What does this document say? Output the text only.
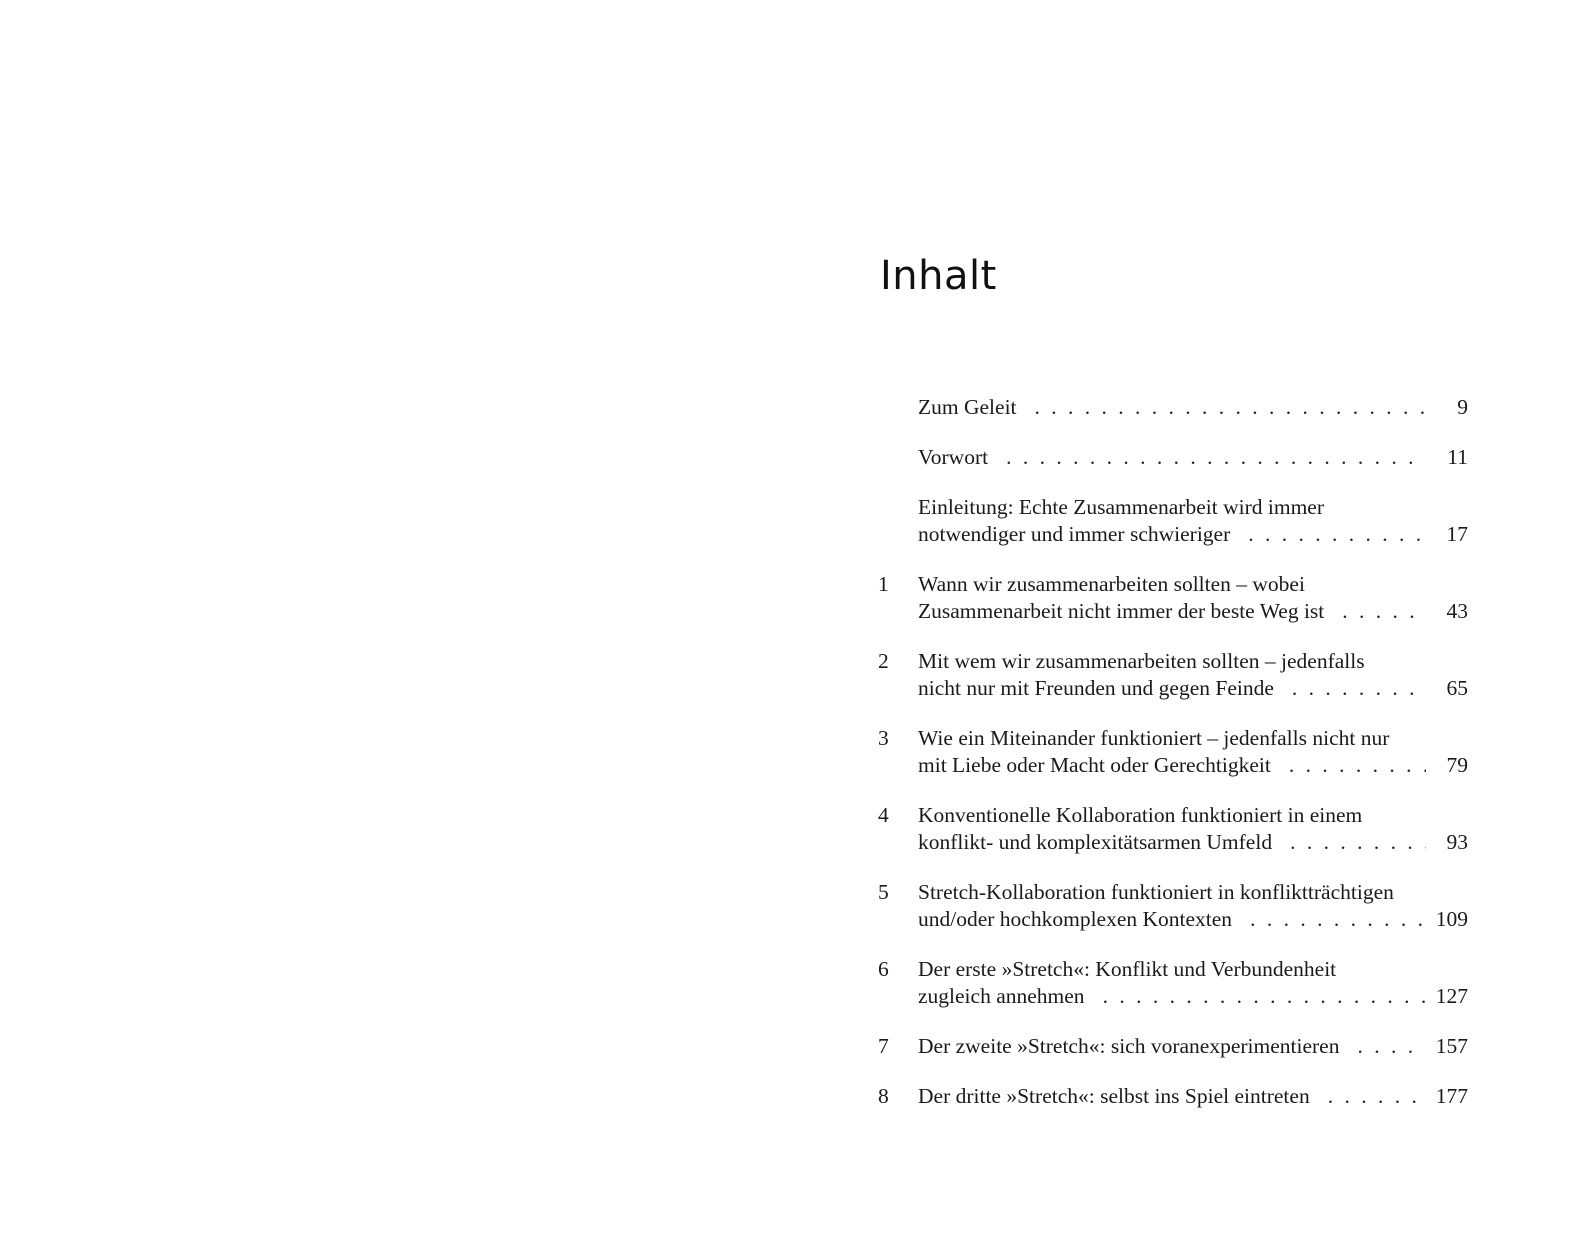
Inhalt
Zum Geleit . . .	9
Vorwort . . .	11
Einleitung: Echte Zusammenarbeit wird immer
notwendiger und immer schwieriger . . .	17
1	Wann wir zusammenarbeiten sollten – wobei
Zusammenarbeit nicht immer der beste Weg ist . . .	43
2	Mit wem wir zusammenarbeiten sollten – jedenfalls
nicht nur mit Freunden und gegen Feinde . . .	65
3	Wie ein Miteinander funktioniert – jedenfalls nicht nur
mit Liebe oder Macht oder Gerechtigkeit . . .	79
4	Konventionelle Kollaboration funktioniert in einem
konflikt- und komplexitätsarmen Umfeld . . .	93
5	Stretch-Kollaboration funktioniert in konfliktträchtigen
und/oder hochkomplexen Kontexten . . .	109
6	Der erste »Stretch«: Konflikt und Verbundenheit
zugleich annehmen . . .	127
7	Der zweite »Stretch«: sich voranexperimentieren . . .	157
8	Der dritte »Stretch«: selbst ins Spiel eintreten . . .	177
